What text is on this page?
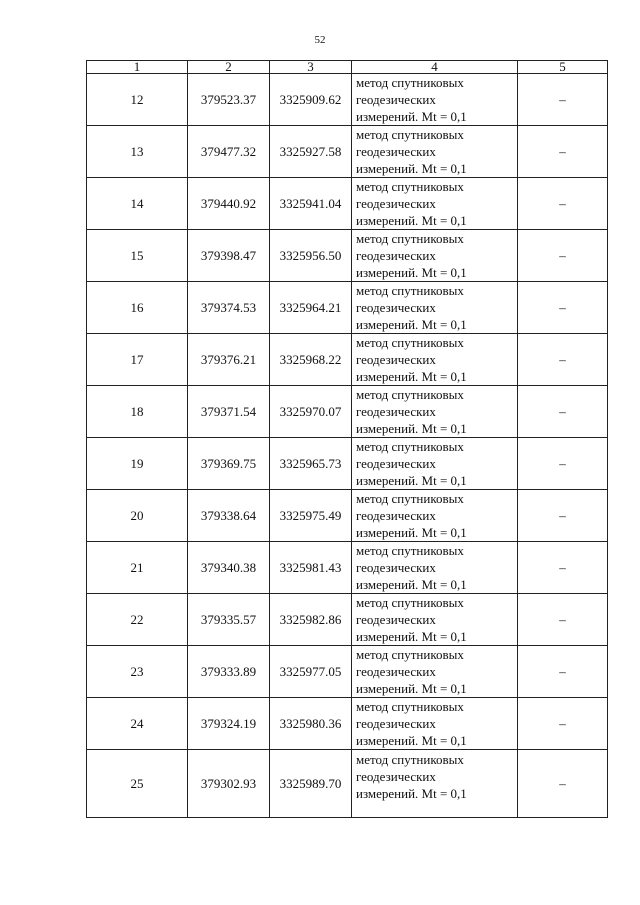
52
1	2	3	4	5
12	379523.37	3325909.62	метод спутниковых
геодезических
измерений. Mt = 0,1	–
13	379477.32	3325927.58	метод спутниковых
геодезических
измерений. Mt = 0,1	–
14	379440.92	3325941.04	метод спутниковых
геодезических
измерений. Mt = 0,1	–
15	379398.47	3325956.50	метод спутниковых
геодезических
измерений. Mt = 0,1	–
16	379374.53	3325964.21	метод спутниковых
геодезических
измерений. Mt = 0,1	–
17	379376.21	3325968.22	метод спутниковых
геодезических
измерений. Mt = 0,1	–
18	379371.54	3325970.07	метод спутниковых
геодезических
измерений. Mt = 0,1	–
19	379369.75	3325965.73	метод спутниковых
геодезических
измерений. Mt = 0,1	–
20	379338.64	3325975.49	метод спутниковых
геодезических
измерений. Mt = 0,1	–
21	379340.38	3325981.43	метод спутниковых
геодезических
измерений. Mt = 0,1	–
22	379335.57	3325982.86	метод спутниковых
геодезических
измерений. Mt = 0,1	–
23	379333.89	3325977.05	метод спутниковых
геодезических
измерений. Mt = 0,1	–
24	379324.19	3325980.36	метод спутниковых
геодезических
измерений. Mt = 0,1	–
25	379302.93	3325989.70	метод спутниковых
геодезических
измерений. Mt = 0,1	–
